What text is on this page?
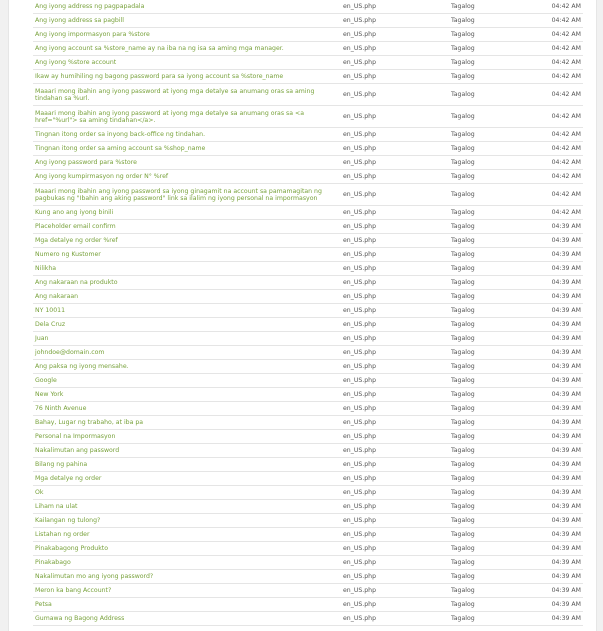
Ang iyong address ng pagpapadala	en_US.php	Tagalog	04:42 AM
Ang iyong address sa pagbill	en_US.php	Tagalog	04:42 AM
Ang iyong impormasyon para %store	en_US.php	Tagalog	04:42 AM
Ang iyong account sa %store_name ay na iba na ng isa sa aming mga manager.	en_US.php	Tagalog	04:42 AM
Ang iyong %store account	en_US.php	Tagalog	04:42 AM
Ikaw ay humihiling ng bagong password para sa iyong account sa %store_name	en_US.php	Tagalog	04:42 AM
Maaari mong ibahin ang iyong password at iyong mga detalye sa anumang oras sa aming tindahan sa %url.	en_US.php	Tagalog	04:42 AM
Maaari mong ibahin ang iyong password at iyong mga detalye sa anumang oras sa <a href="%url"> sa aming tindahan</a>.	en_US.php	Tagalog	04:42 AM
Tingnan itong order sa inyong back-office ng tindahan.	en_US.php	Tagalog	04:42 AM
Tingnan itong order sa aming account sa %shop_name	en_US.php	Tagalog	04:42 AM
Ang iyong password para %store	en_US.php	Tagalog	04:42 AM
Ang iyong kumpirmasyon ng order N° %ref	en_US.php	Tagalog	04:42 AM
Maaari mong ibahin ang iyong password sa iyong ginagamit na account sa pamamagitan ng pagbukas ng "Ibahin ang aking password" link sa ilalim ng iyong personal na impormasyon	en_US.php	Tagalog	04:42 AM
Kung ano ang iyong binili	en_US.php	Tagalog	04:42 AM
Placeholder email confirm	en_US.php	Tagalog	04:39 AM
Mga detalye ng order %ref	en_US.php	Tagalog	04:39 AM
Numero ng Kustomer	en_US.php	Tagalog	04:39 AM
Nilikha	en_US.php	Tagalog	04:39 AM
Ang nakaraan na produkto	en_US.php	Tagalog	04:39 AM
Ang nakaraan	en_US.php	Tagalog	04:39 AM
NY 10011	en_US.php	Tagalog	04:39 AM
Dela Cruz	en_US.php	Tagalog	04:39 AM
Juan	en_US.php	Tagalog	04:39 AM
johndoe@domain.com	en_US.php	Tagalog	04:39 AM
Ang paksa ng iyong mensahe.	en_US.php	Tagalog	04:39 AM
Google	en_US.php	Tagalog	04:39 AM
New York	en_US.php	Tagalog	04:39 AM
76 Ninth Avenue	en_US.php	Tagalog	04:39 AM
Bahay, Lugar ng trabaho, at iba pa	en_US.php	Tagalog	04:39 AM
Personal na Impormasyon	en_US.php	Tagalog	04:39 AM
Nakalimutan ang password	en_US.php	Tagalog	04:39 AM
Bilang ng pahina	en_US.php	Tagalog	04:39 AM
Mga detalye ng order	en_US.php	Tagalog	04:39 AM
Ok	en_US.php	Tagalog	04:39 AM
Liham na ulat	en_US.php	Tagalog	04:39 AM
Kailangan ng tulong?	en_US.php	Tagalog	04:39 AM
Listahan ng order	en_US.php	Tagalog	04:39 AM
Pinakabagong Produkto	en_US.php	Tagalog	04:39 AM
Pinakabago	en_US.php	Tagalog	04:39 AM
Nakalimutan mo ang iyong password?	en_US.php	Tagalog	04:39 AM
Meron ka bang Account?	en_US.php	Tagalog	04:39 AM
Petsa	en_US.php	Tagalog	04:39 AM
Gumawa ng Bagong Address	en_US.php	Tagalog	04:39 AM
